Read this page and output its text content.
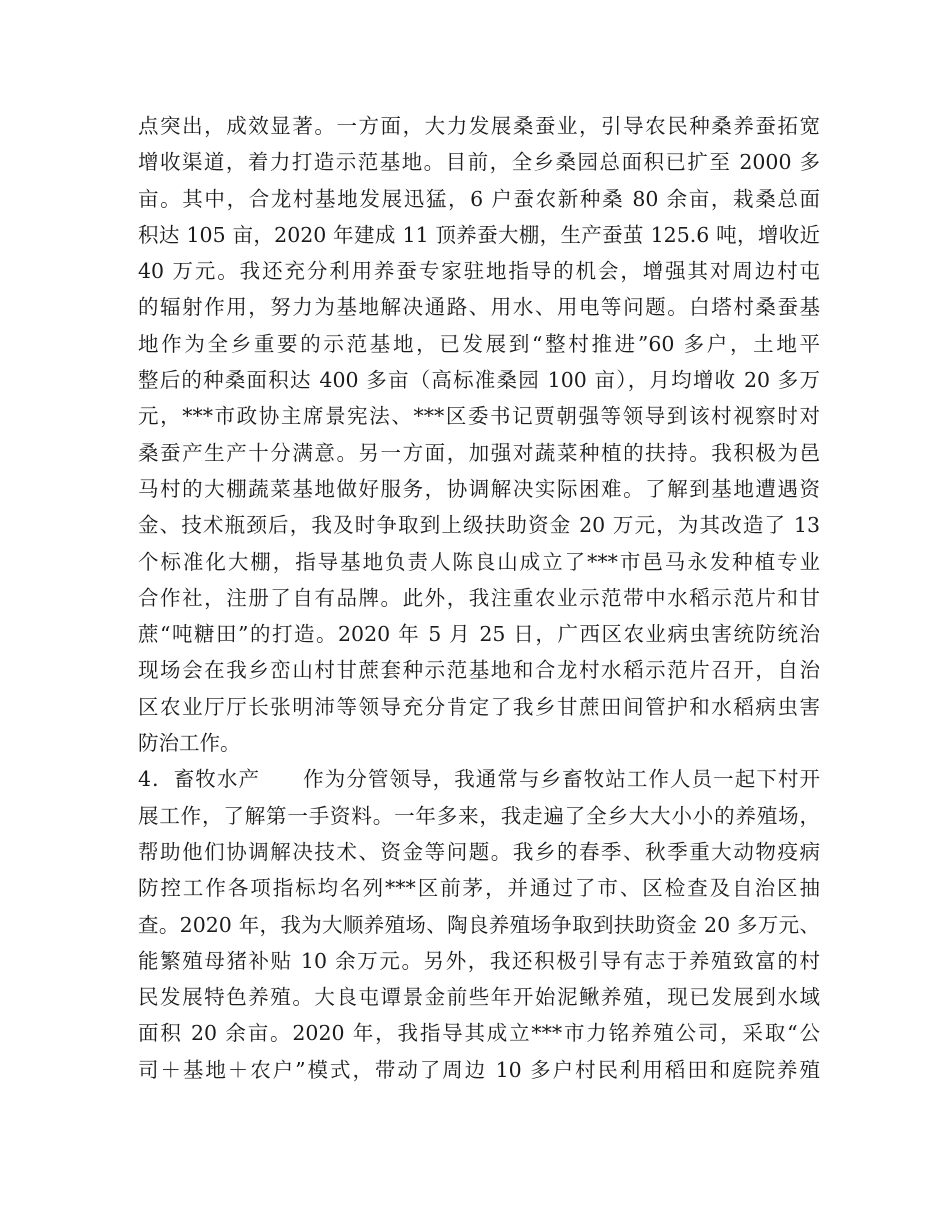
点突出，成效显著。一方面，大力发展桑蚕业，引导农民种桑养蚕拓宽
增收渠道，着力打造示范基地。目前，全乡桑园总面积已扩至 2000 多
亩。其中，合龙村基地发展迅猛，6 户蚕农新种桑 80 余亩，栽桑总面
积达 105 亩，2020 年建成 11 顶养蚕大棚，生产蚕茧 125.6 吨，增收近
40 万元。我还充分利用养蚕专家驻地指导的机会，增强其对周边村屯
的辐射作用，努力为基地解决通路、用水、用电等问题。白塔村桑蚕基
地作为全乡重要的示范基地，已发展到“整村推进”60 多户，土地平
整后的种桑面积达 400 多亩（高标准桑园 100 亩），月均增收 20 多万
元，***市政协主席景宪法、***区委书记贾朝强等领导到该村视察时对
桑蚕产生产十分满意。另一方面，加强对蔬菜种植的扶持。我积极为邑
马村的大棚蔬菜基地做好服务，协调解决实际困难。了解到基地遭遇资
金、技术瓶颈后，我及时争取到上级扶助资金 20 万元，为其改造了 13
个标准化大棚，指导基地负责人陈良山成立了***市邑马永发种植专业
合作社，注册了自有品牌。此外，我注重农业示范带中水稻示范片和甘
蔗“吨糖田”的打造。2020 年 5 月 25 日，广西区农业病虫害统防统治
现场会在我乡峦山村甘蔗套种示范基地和合龙村水稻示范片召开，自治
区农业厅厅长张明沛等领导充分肯定了我乡甘蔗田间管护和水稻病虫害
防治工作。
4．畜牧水产　　作为分管领导，我通常与乡畜牧站工作人员一起下村开
展工作，了解第一手资料。一年多来，我走遍了全乡大大小小的养殖场，
帮助他们协调解决技术、资金等问题。我乡的春季、秋季重大动物疫病
防控工作各项指标均名列***区前茅，并通过了市、区检查及自治区抽
查。2020 年，我为大顺养殖场、陶良养殖场争取到扶助资金 20 多万元、
能繁殖母猪补贴 10 余万元。另外，我还积极引导有志于养殖致富的村
民发展特色养殖。大良屯谭景金前些年开始泥鳅养殖，现已发展到水域
面积 20 余亩。2020 年，我指导其成立***市力铭养殖公司，采取“公
司＋基地＋农户”模式，带动了周边 10 多户村民利用稻田和庭院养殖
